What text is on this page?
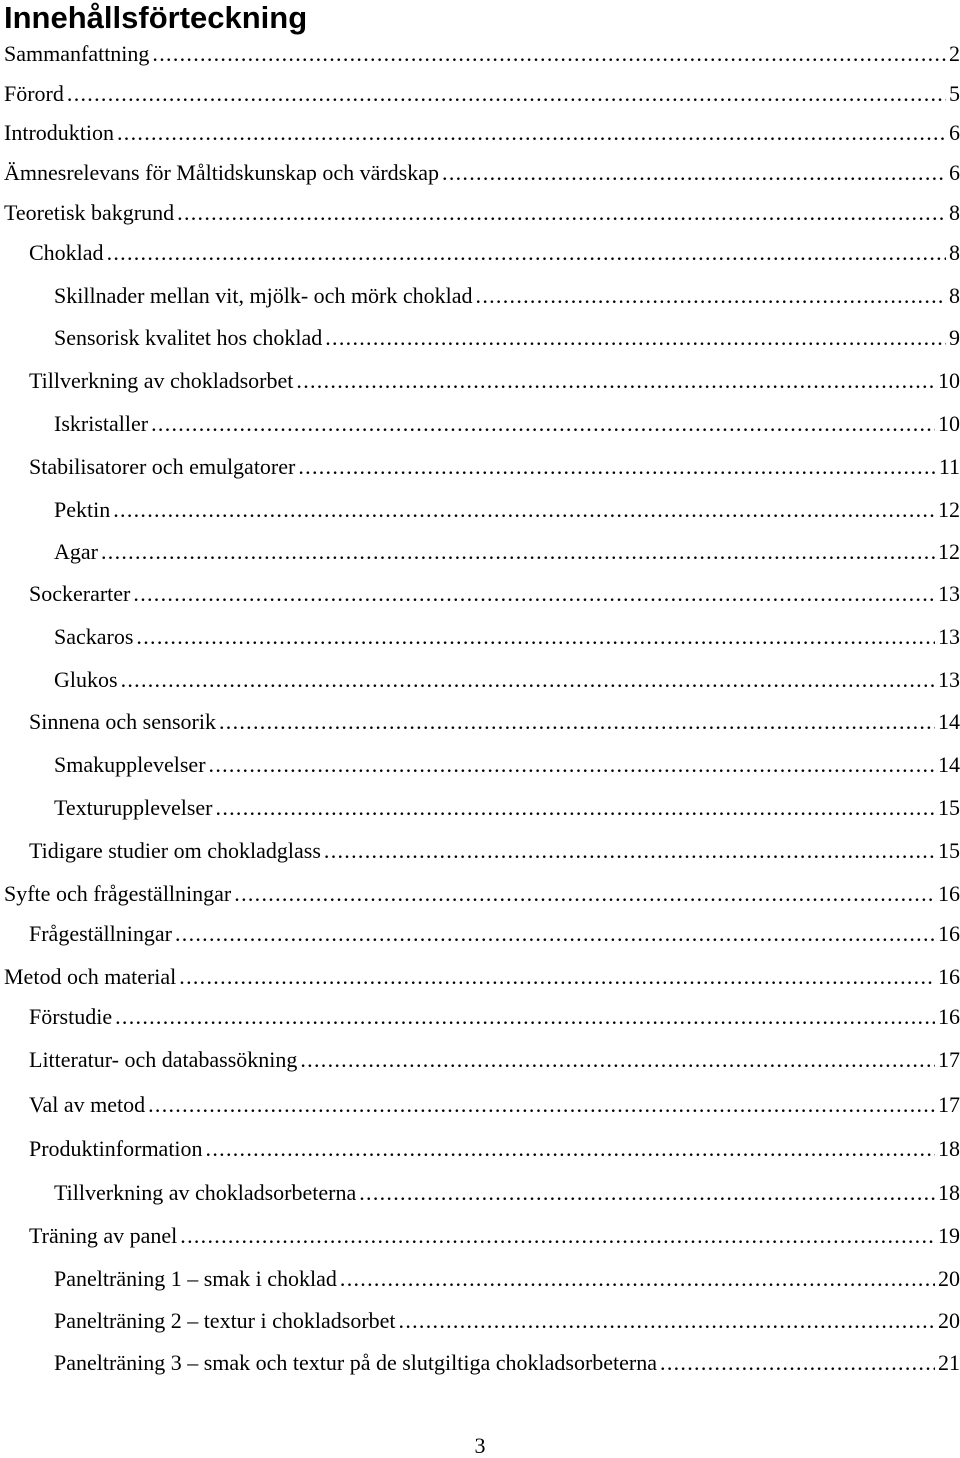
Innehållsförteckning
Sammanfattning .....	2
Förord .....	5
Introduktion .....	6
Ämnesrelevans för Måltidskunskap och värdskap .....	6
Teoretisk bakgrund .....	8
Choklad .....	8
Skillnader mellan vit, mjölk- och mörk choklad .....	8
Sensorisk kvalitet hos choklad .....	9
Tillverkning av chokladsorbet .....	10
Iskristaller .....	10
Stabilisatorer och emulgatorer .....	11
Pektin .....	12
Agar .....	12
Sockerarter .....	13
Sackaros .....	13
Glukos .....	13
Sinnena och sensorik .....	14
Smakupplevelser .....	14
Texturupplevelser .....	15
Tidigare studier om chokladglass .....	15
Syfte och frågeställningar .....	16
Frågeställningar .....	16
Metod och material .....	16
Förstudie .....	16
Litteratur- och databassökning .....	17
Val av metod .....	17
Produktinformation .....	18
Tillverkning av chokladsorbeterna .....	18
Träning av panel .....	19
Panelträning 1 – smak i choklad .....	20
Panelträning 2 – textur i chokladsorbet .....	20
Panelträning 3 – smak och textur på de slutgiltiga chokladsorbeterna .....	21
3
